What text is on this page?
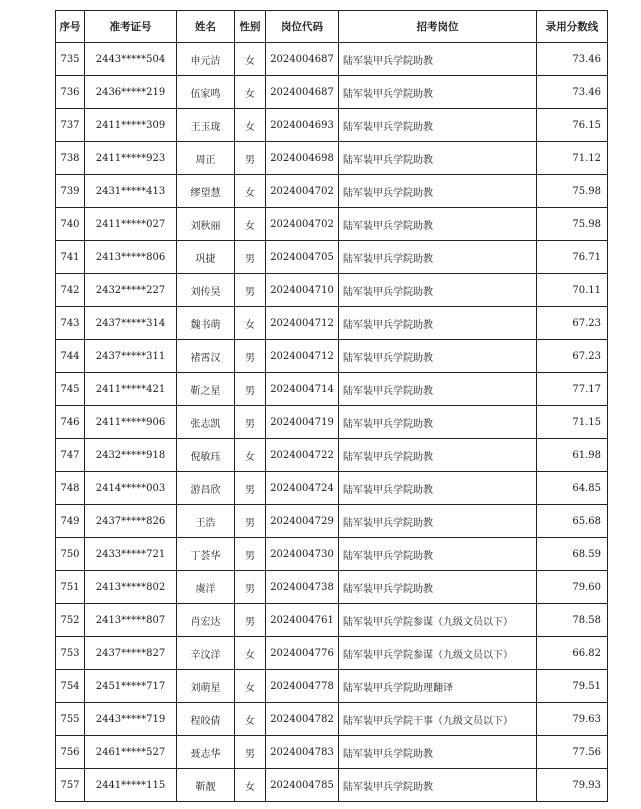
序号	准考证号	姓名	性别	岗位代码	招考岗位	录用分数线
735	2443*****504	申元洁	女	2024004687	陆军装甲兵学院助教	73.46
736	2436*****219	伍家鸣	女	2024004687	陆军装甲兵学院助教	73.46
737	2411*****309	王玉珑	女	2024004693	陆军装甲兵学院助教	76.15
738	2411*****923	周正	男	2024004698	陆军装甲兵学院助教	71.12
739	2431*****413	缪望慧	女	2024004702	陆军装甲兵学院助教	75.98
740	2411*****027	刘秋丽	女	2024004702	陆军装甲兵学院助教	75.98
741	2413*****806	巩捷	男	2024004705	陆军装甲兵学院助教	76.71
742	2432*****227	刘传昊	男	2024004710	陆军装甲兵学院助教	70.11
743	2437*****314	魏书萌	女	2024004712	陆军装甲兵学院助教	67.23
744	2437*****311	褚霄汉	男	2024004712	陆军装甲兵学院助教	67.23
745	2411*****421	靳之星	男	2024004714	陆军装甲兵学院助教	77.17
746	2411*****906	张志凯	男	2024004719	陆军装甲兵学院助教	71.15
747	2432*****918	倪敏珏	女	2024004722	陆军装甲兵学院助教	61.98
748	2414*****003	游昌欣	男	2024004724	陆军装甲兵学院助教	64.85
749	2437*****826	王浩	男	2024004729	陆军装甲兵学院助教	65.68
750	2433*****721	丁荟华	男	2024004730	陆军装甲兵学院助教	68.59
751	2413*****802	虞洋	男	2024004738	陆军装甲兵学院助教	79.60
752	2413*****807	肖宏达	男	2024004761	陆军装甲兵学院参谋（九级文员以下）	78.58
753	2437*****827	辛汶洋	女	2024004776	陆军装甲兵学院参谋（九级文员以下）	66.82
754	2451*****717	刘萌星	女	2024004778	陆军装甲兵学院助理翻译	79.51
755	2443*****719	程皎倩	女	2024004782	陆军装甲兵学院干事（九级文员以下）	79.63
756	2461*****527	聂志华	男	2024004783	陆军装甲兵学院助教	77.56
757	2441*****115	靳靓	女	2024004785	陆军装甲兵学院助教	79.93
